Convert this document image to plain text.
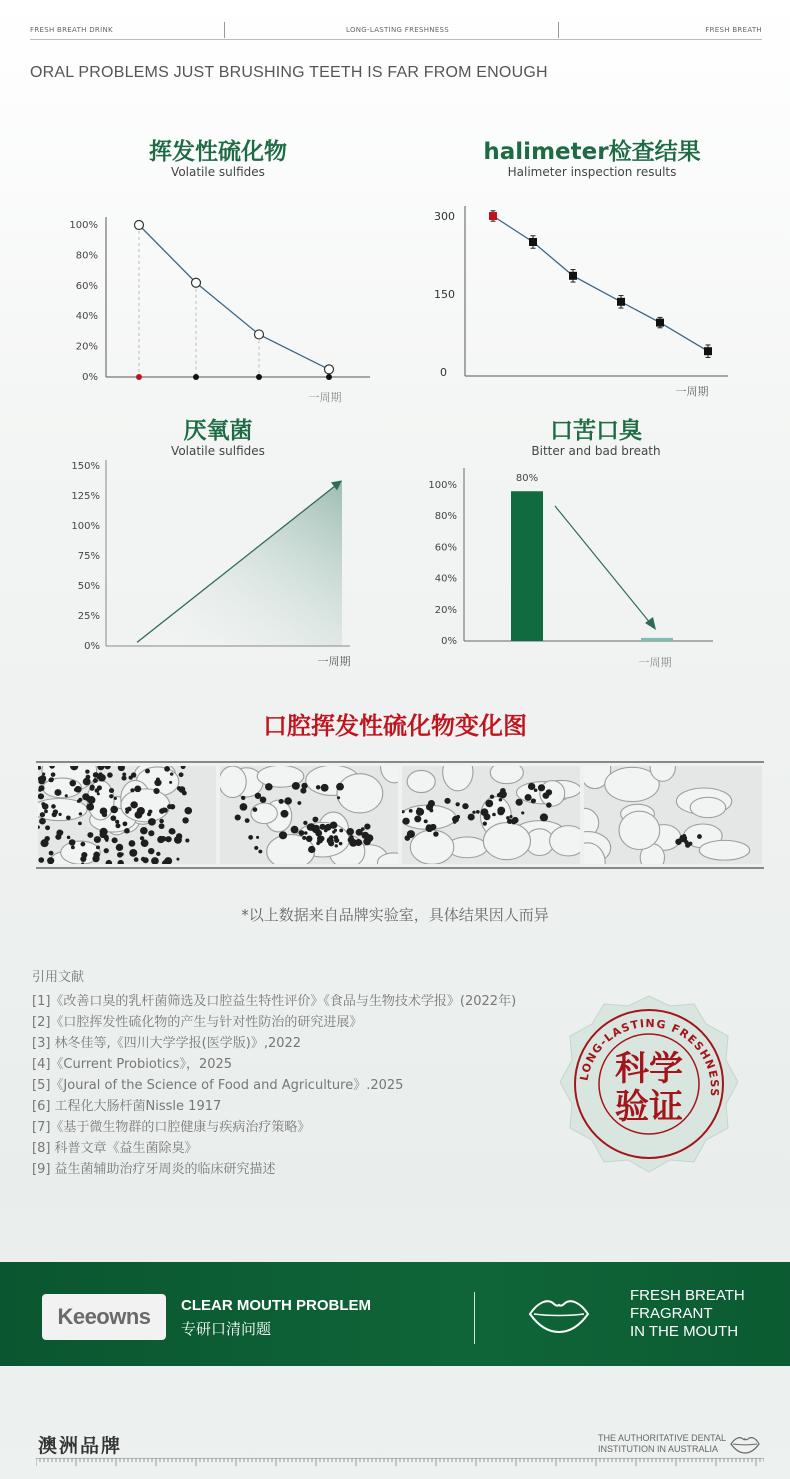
FRESH BREATH DRINK	LONG-LASTING FRESHNESS	FRESH BREATH
ORAL PROBLEMS JUST BRUSHING TEETH IS FAR FROM ENOUGH
挥发性硫化物
Volatile sulfides
halimeter检查结果
Halimeter inspection results
厌氧菌
Volatile sulfides
口苦口臭
Bitter and bad breath
100%
80%
60%
40%
20%
0%
一周期
300
150
0
一周期
150%
125%
100%
75%
50%
25%
0%
一周期
100%
80%
60%
40%
20%
0%
80%
一周期
口腔挥发性硫化物变化图
*以上数据来自品牌实验室，具体结果因人而异
引用文献
[1]《改善口臭的乳杆菌筛选及口腔益生特性评价》《食品与生物技术学报》(2022年)
[2]《口腔挥发性硫化物的产生与针对性防治的研究进展》
[3] 林冬佳等,《四川大学学报(医学版)》,2022
[4]《Current Probiotics》，2025
[5]《Joural of the Science of Food and Agriculture》.2025
[6] 工程化大肠杆菌Nissle 1917
[7]《基于微生物群的口腔健康与疾病治疗策略》
[8] 科普文章《益生菌除臭》
[9] 益生菌辅助治疗牙周炎的临床研究描述
LONG-LASTING FRESHNESS
科学
验证
Keeowns	CLEAR MOUTH PROBLEM
专研口清问题
FRESH BREATH
FRAGRANT
IN THE MOUTH
澳洲品牌	THE AUTHORITATIVE DENTAL
INSTITUTION IN AUSTRALIA
